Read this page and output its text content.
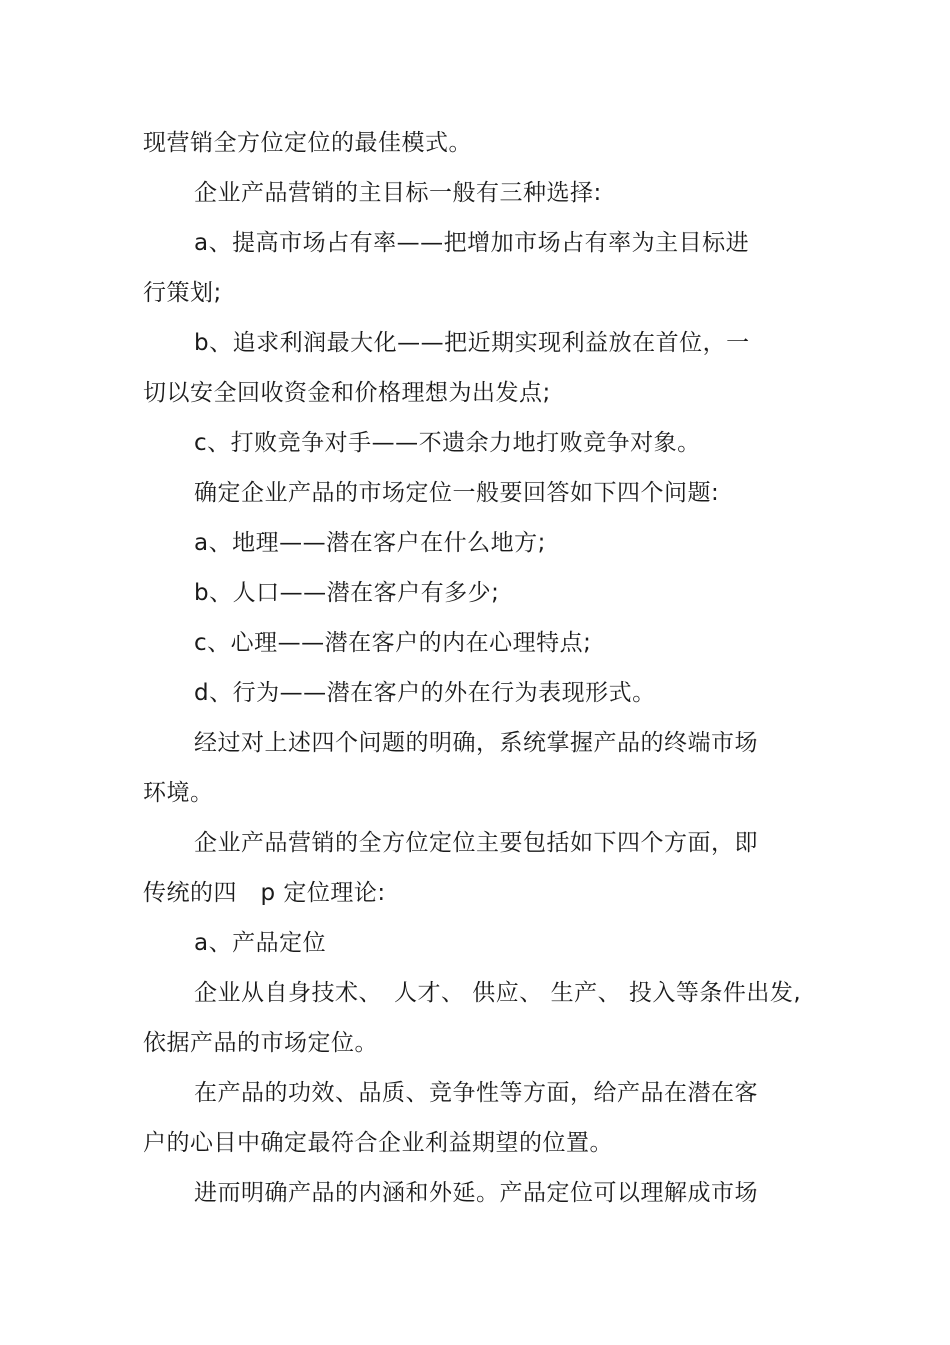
现营销全方位定位的最佳模式。
企业产品营销的主目标一般有三种选择:
a、提高市场占有率——把增加市场占有率为主目标进
行策划;
b、追求利润最大化——把近期实现利益放在首位，一
切以安全回收资金和价格理想为出发点;
c、打败竞争对手——不遗余力地打败竞争对象。
确定企业产品的市场定位一般要回答如下四个问题:
a、地理——潜在客户在什么地方;
b、人口——潜在客户有多少;
c、心理——潜在客户的内在心理特点;
d、行为——潜在客户的外在行为表现形式。
经过对上述四个问题的明确，系统掌握产品的终端市场
环境。
企业产品营销的全方位定位主要包括如下四个方面，即
传统的四　p 定位理论:
a、产品定位
企业从自身技术、　人才、 供应、 生产、 投入等条件出发,
依据产品的市场定位。
在产品的功效、品质、竞争性等方面，给产品在潜在客
户的心目中确定最符合企业利益期望的位置。
进而明确产品的内涵和外延。产品定位可以理解成市场
